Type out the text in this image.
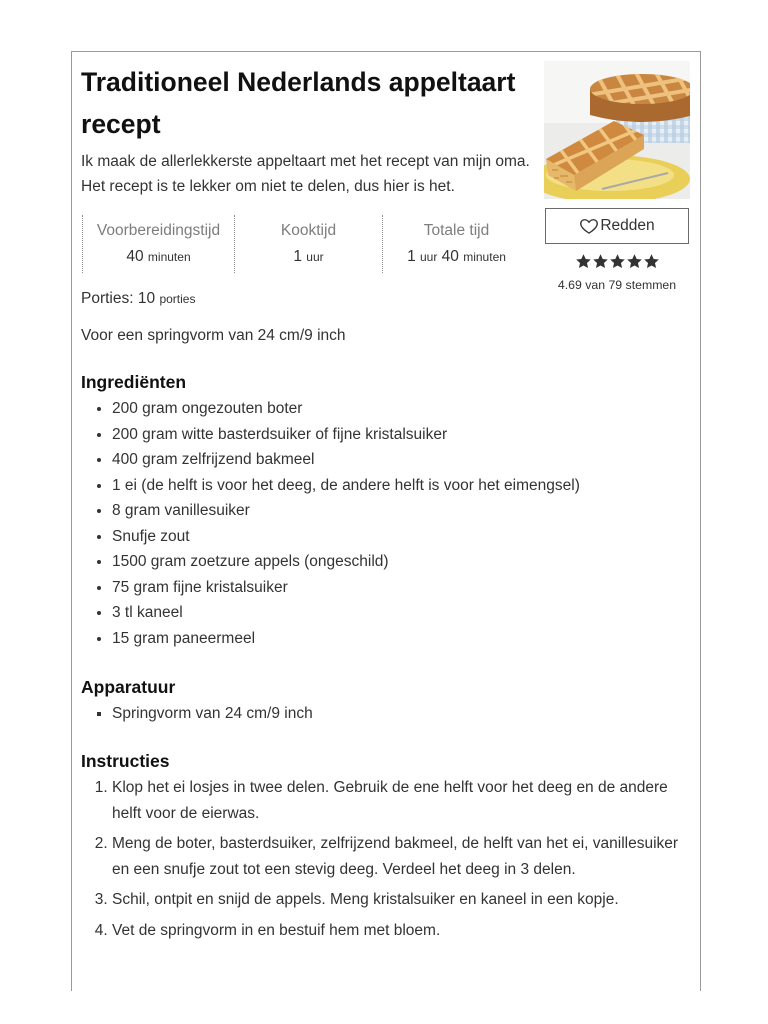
Traditioneel Nederlands appeltaart recept

Ik maak de allerlekkerste appeltaart met het recept van mijn oma. Het recept is te lekker om niet te delen, dus hier is het.

Redden
4.69 van 79 stemmen
Voorbereidingstijd
40 minuten
Kooktijd
1 uur
Totale tijd
1 uur 40 minuten
Porties: 10 porties

Voor een springvorm van 24 cm/9 inch

Ingrediënten
• 200 gram ongezouten boter
• 200 gram witte basterdsuiker of fijne kristalsuiker
• 400 gram zelfrijzend bakmeel
• 1 ei (de helft is voor het deeg, de andere helft is voor het eimengsel)
• 8 gram vanillesuiker
• Snufje zout
• 1500 gram zoetzure appels (ongeschild)
• 75 gram fijne kristalsuiker
• 3 tl kaneel
• 15 gram paneermeel
Apparatuur
▪ Springvorm van 24 cm/9 inch
Instructies
1. Klop het ei losjes in twee delen. Gebruik de ene helft voor het deeg en de andere helft voor de eierwas.
2. Meng de boter, basterdsuiker, zelfrijzend bakmeel, de helft van het ei, vanillesuiker en een snufje zout tot een stevig deeg. Verdeel het deeg in 3 delen.
3. Schil, ontpit en snijd de appels. Meng kristalsuiker en kaneel in een kopje.
4. Vet de springvorm in en bestuif hem met bloem.
